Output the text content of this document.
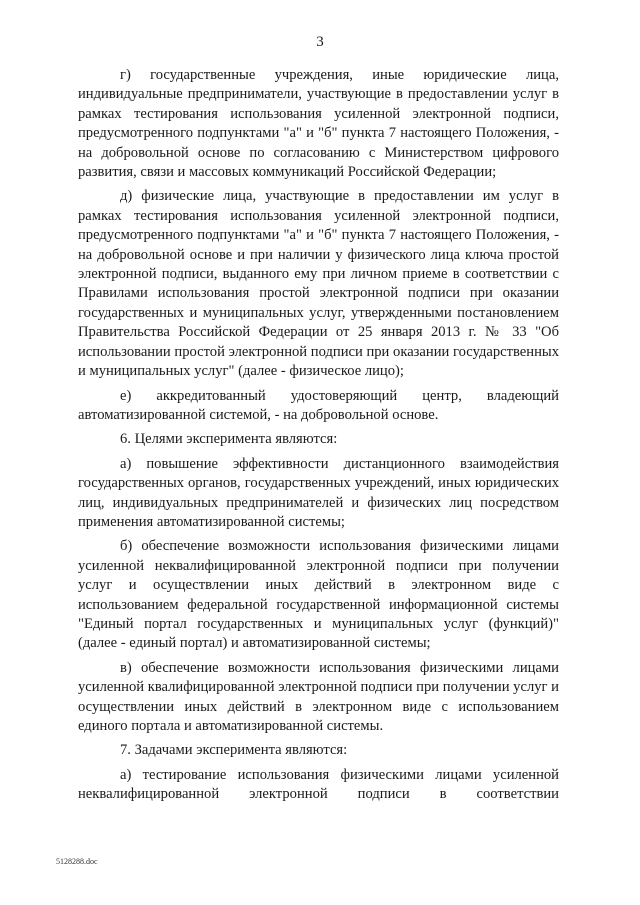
3

г) государственные учреждения, иные юридические лица, индивидуальные предприниматели, участвующие в предоставлении услуг в рамках тестирования использования усиленной электронной подписи, предусмотренного подпунктами "а" и "б" пункта 7 настоящего Положения, - на добровольной основе по согласованию с Министерством цифрового развития, связи и массовых коммуникаций Российской Федерации;

д) физические лица, участвующие в предоставлении им услуг в рамках тестирования использования усиленной электронной подписи, предусмотренного подпунктами "а" и "б" пункта 7 настоящего Положения, - на добровольной основе и при наличии у физического лица ключа простой электронной подписи, выданного ему при личном приеме в соответствии с Правилами использования простой электронной подписи при оказании государственных и муниципальных услуг, утвержденными постановлением Правительства Российской Федерации от 25 января 2013 г. № 33 "Об использовании простой электронной подписи при оказании государственных и муниципальных услуг" (далее - физическое лицо);

е) аккредитованный удостоверяющий центр, владеющий автоматизированной системой, - на добровольной основе.

6. Целями эксперимента являются:

а) повышение эффективности дистанционного взаимодействия государственных органов, государственных учреждений, иных юридических лиц, индивидуальных предпринимателей и физических лиц посредством применения автоматизированной системы;

б) обеспечение возможности использования физическими лицами усиленной неквалифицированной электронной подписи при получении услуг и осуществлении иных действий в электронном виде с использованием федеральной государственной информационной системы "Единый портал государственных и муниципальных услуг (функций)" (далее - единый портал) и автоматизированной системы;

в) обеспечение возможности использования физическими лицами усиленной квалифицированной электронной подписи при получении услуг и осуществлении иных действий в электронном виде с использованием единого портала и автоматизированной системы.

7. Задачами эксперимента являются:

а) тестирование использования физическими лицами усиленной неквалифицированной электронной подписи в соответствии

5128288.doc
